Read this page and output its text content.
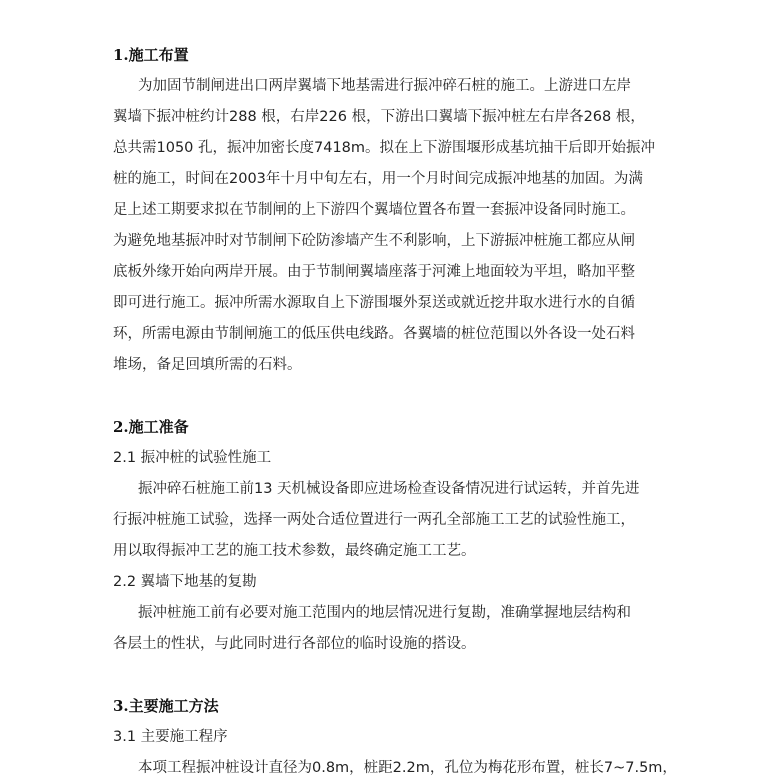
1.施工布置
为加固节制闸进出口两岸翼墙下地基需进行振冲碎石桩的施工。上游进口左岸
翼墙下振冲桩约计288 根，右岸226 根，下游出口翼墙下振冲桩左右岸各268 根，
总共需1050 孔，振冲加密长度7418m。拟在上下游围堰形成基坑抽干后即开始振冲
桩的施工，时间在2003年十月中旬左右，用一个月时间完成振冲地基的加固。为满
足上述工期要求拟在节制闸的上下游四个翼墙位置各布置一套振冲设备同时施工。
为避免地基振冲时对节制闸下砼防渗墙产生不利影响，上下游振冲桩施工都应从闸
底板外缘开始向两岸开展。由于节制闸翼墙座落于河滩上地面较为平坦，略加平整
即可进行施工。振冲所需水源取自上下游围堰外泵送或就近挖井取水进行水的自循
环，所需电源由节制闸施工的低压供电线路。各翼墙的桩位范围以外各设一处石料
堆场，备足回填所需的石料。
2.施工准备
2.1 振冲桩的试验性施工
振冲碎石桩施工前13 天机械设备即应进场检查设备情况进行试运转，并首先进
行振冲桩施工试验，选择一两处合适位置进行一两孔全部施工工艺的试验性施工，
用以取得振冲工艺的施工技术参数，最终确定施工工艺。
2.2 翼墙下地基的复勘
振冲桩施工前有必要对施工范围内的地层情况进行复勘，准确掌握地层结构和
各层土的性状，与此同时进行各部位的临时设施的搭设。
3.主要施工方法
3.1 主要施工程序
本项工程振冲桩设计直径为0.8m，桩距2.2m，孔位为梅花形布置，桩长7~7.5m，
